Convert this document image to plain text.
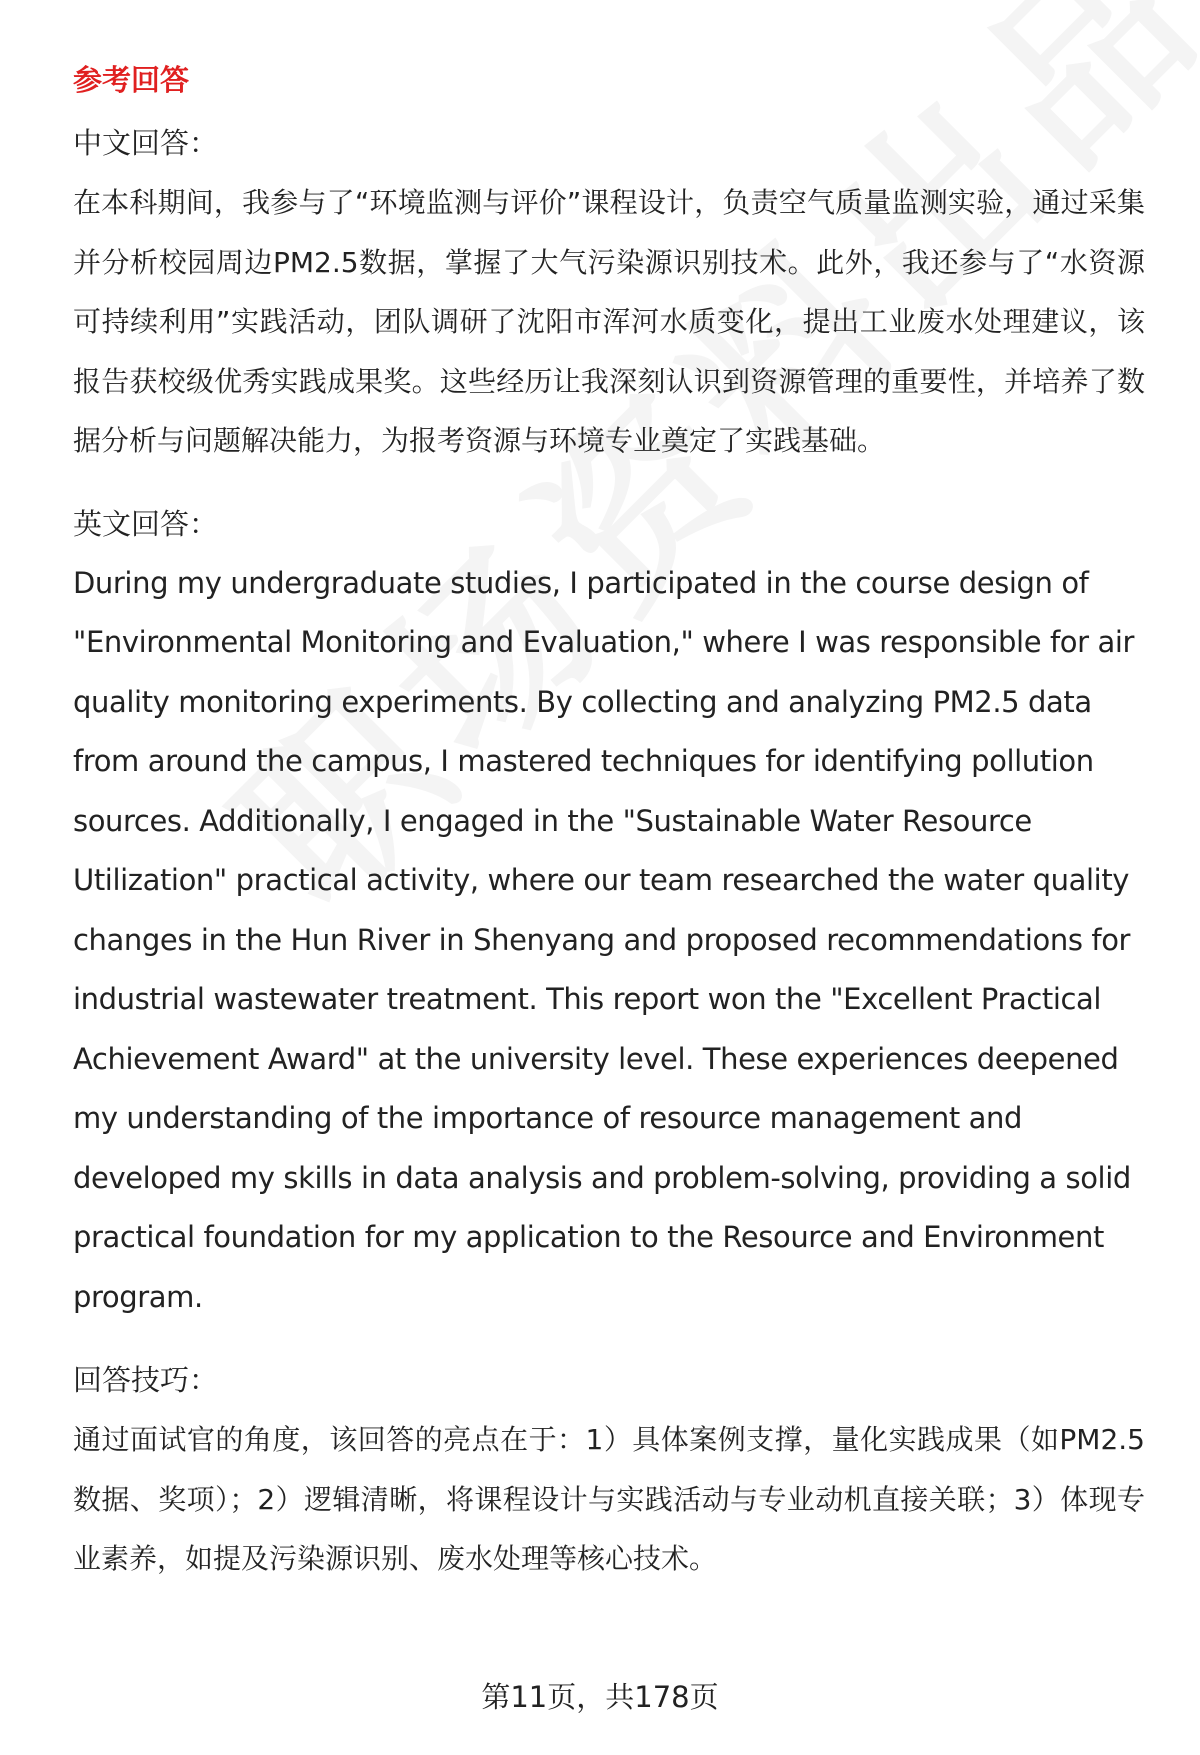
参考回答
中文回答：

在本科期间，我参与了“环境监测与评价”课程设计，负责空气质量监测实验，通过采集并分析校园周边PM2.5数据，掌握了大气污染源识别技术。此外，我还参与了“水资源可持续利用”实践活动，团队调研了沈阳市浑河水质变化，提出工业废水处理建议，该报告获校级优秀实践成果奖。这些经历让我深刻认识到资源管理的重要性，并培养了数据分析与问题解决能力，为报考资源与环境专业奠定了实践基础。

英文回答：

During my undergraduate studies, I participated in the course design of "Environmental Monitoring and Evaluation," where I was responsible for air quality monitoring experiments. By collecting and analyzing PM2.5 data from around the campus, I mastered techniques for identifying pollution sources. Additionally, I engaged in the "Sustainable Water Resource Utilization" practical activity, where our team researched the water quality changes in the Hun River in Shenyang and proposed recommendations for industrial wastewater treatment. This report won the "Excellent Practical Achievement Award" at the university level. These experiences deepened my understanding of the importance of resource management and developed my skills in data analysis and problem-solving, providing a solid practical foundation for my application to the Resource and Environment program.

回答技巧：

通过面试官的角度，该回答的亮点在于：1）具体案例支撑，量化实践成果（如PM2.5数据、奖项）；2）逻辑清晰，将课程设计与实践活动与专业动机直接关联；3）体现专业素养，如提及污染源识别、废水处理等核心技术。

第11页，共178页
